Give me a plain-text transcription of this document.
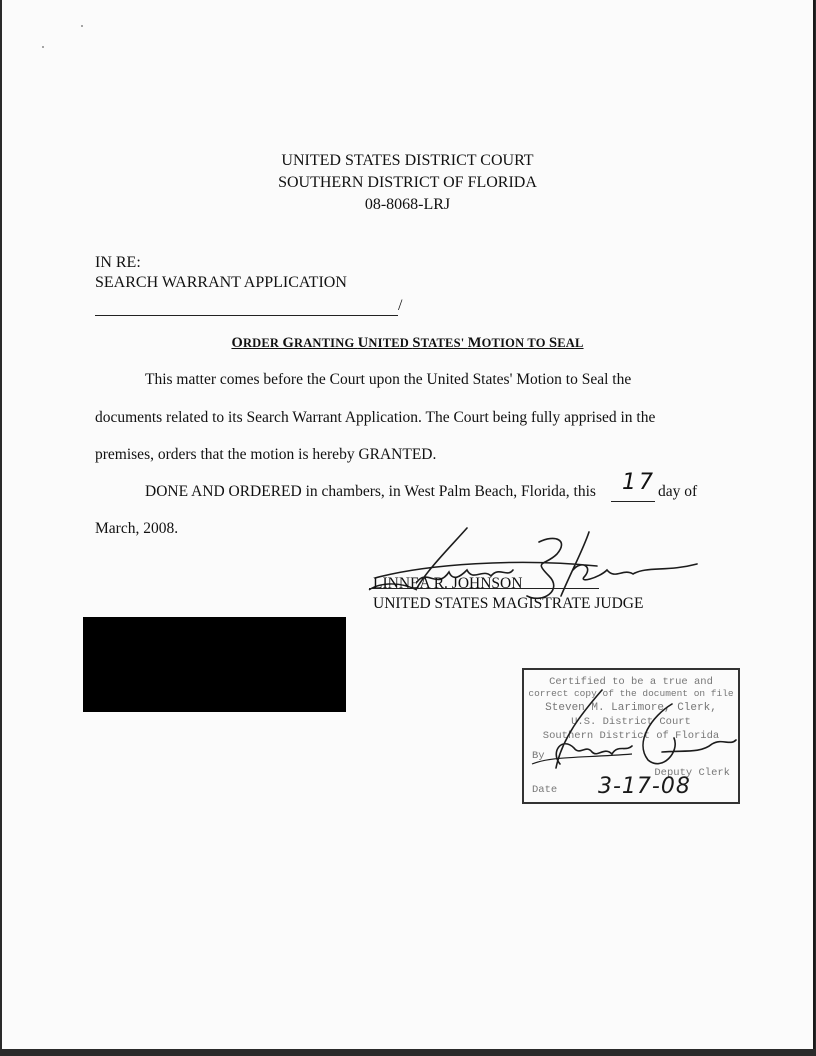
UNITED STATES DISTRICT COURT
SOUTHERN DISTRICT OF FLORIDA
08-8068-LRJ
IN RE:
SEARCH WARRANT APPLICATION
/
ORDER GRANTING UNITED STATES' MOTION TO SEAL
This matter comes before the Court upon the United States' Motion to Seal the
documents related to its Search Warrant Application. The Court being fully apprised in the
premises, orders that the motion is hereby GRANTED.
DONE AND ORDERED in chambers, in West Palm Beach, Florida, this 17 day of
March, 2008.
LINNEA R. JOHNSON
UNITED STATES MAGISTRATE JUDGE
Certified to be a true and
correct copy of the document on file
Steven M. Larimore, Clerk,
U.S. District Court
Southern District of Florida
By
Deputy Clerk
Date	3-17-08
